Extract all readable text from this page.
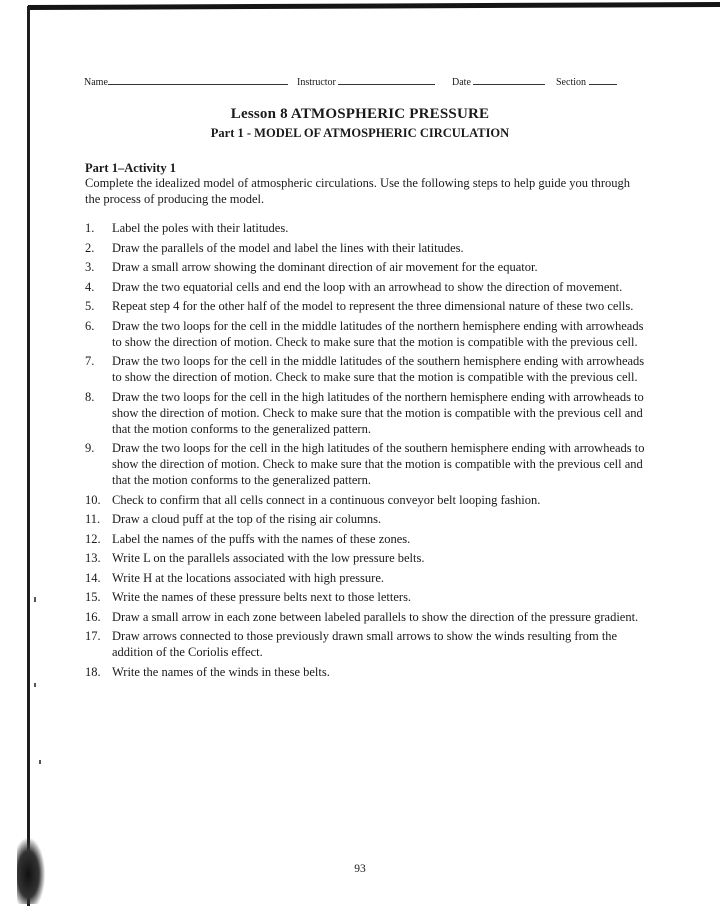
Name	Instructor	Date	Section
Lesson 8 ATMOSPHERIC PRESSURE
Part 1 - MODEL OF ATMOSPHERIC CIRCULATION
Part 1–Activity 1
Complete the idealized model of atmospheric circulations. Use the following steps to help guide you through the process of producing the model.
1. Label the poles with their latitudes.
2. Draw the parallels of the model and label the lines with their latitudes.
3. Draw a small arrow showing the dominant direction of air movement for the equator.
4. Draw the two equatorial cells and end the loop with an arrowhead to show the direction of movement.
5. Repeat step 4 for the other half of the model to represent the three dimensional nature of these two cells.
6. Draw the two loops for the cell in the middle latitudes of the northern hemisphere ending with arrowheads to show the direction of motion. Check to make sure that the motion is compatible with the previous cell.
7. Draw the two loops for the cell in the middle latitudes of the southern hemisphere ending with arrowheads to show the direction of motion. Check to make sure that the motion is compatible with the previous cell.
8. Draw the two loops for the cell in the high latitudes of the northern hemisphere ending with arrowheads to show the direction of motion. Check to make sure that the motion is compatible with the previous cell and that the motion conforms to the generalized pattern.
9. Draw the two loops for the cell in the high latitudes of the southern hemisphere ending with arrowheads to show the direction of motion. Check to make sure that the motion is compatible with the previous cell and that the motion conforms to the generalized pattern.
10. Check to confirm that all cells connect in a continuous conveyor belt looping fashion.
11. Draw a cloud puff at the top of the rising air columns.
12. Label the names of the puffs with the names of these zones.
13. Write L on the parallels associated with the low pressure belts.
14. Write H at the locations associated with high pressure.
15. Write the names of these pressure belts next to those letters.
16. Draw a small arrow in each zone between labeled parallels to show the direction of the pressure gradient.
17. Draw arrows connected to those previously drawn small arrows to show the winds resulting from the addition of the Coriolis effect.
18. Write the names of the winds in these belts.
93
